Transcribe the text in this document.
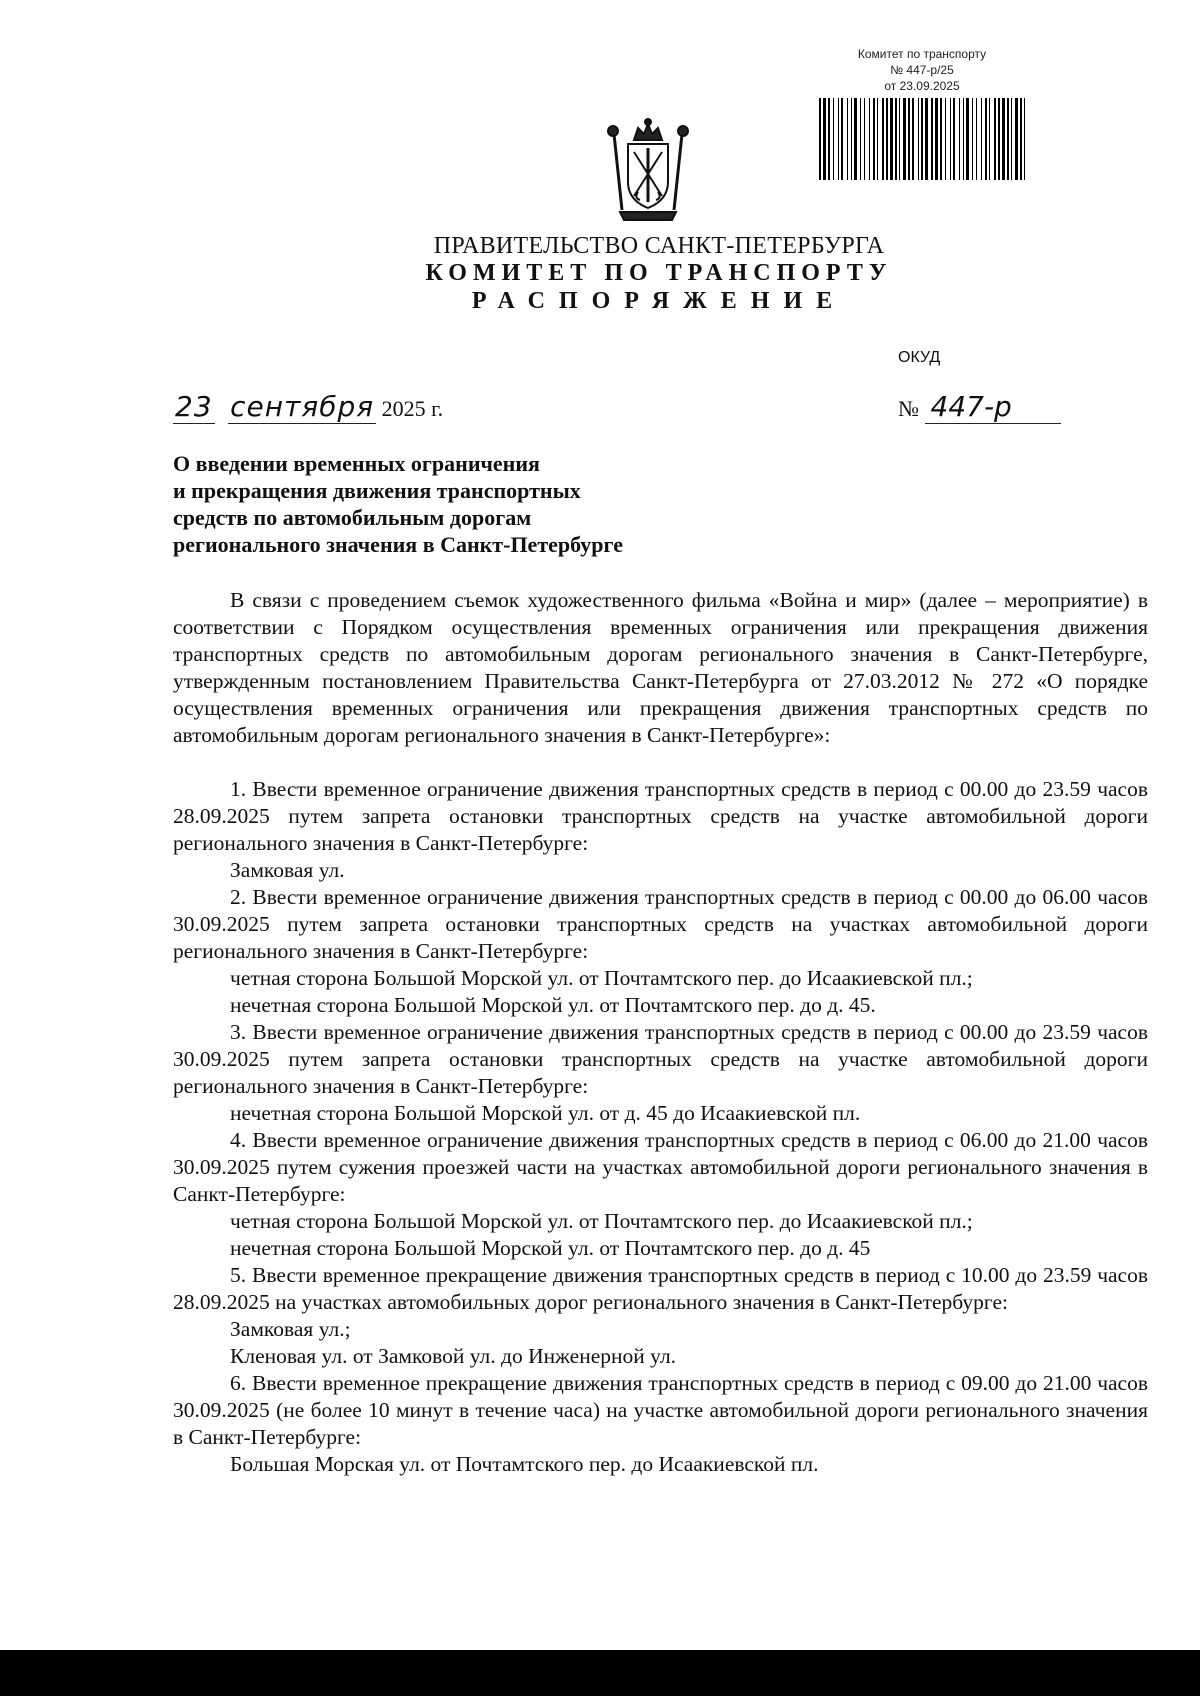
Комитет по транспорту
№ 447-р/25
от 23.09.2025
ПРАВИТЕЛЬСТВО САНКТ-ПЕТЕРБУРГА
КОМИТЕТ ПО ТРАНСПОРТУ
РАСПОРЯЖЕНИЕ
ОКУД
23 сентября 2025 г.	№ 447-р
О введении временных ограничения
и прекращения движения транспортных
средств по автомобильным дорогам
регионального значения в Санкт-Петербурге

В связи с проведением съемок художественного фильма «Война и мир» (далее – мероприятие) в соответствии с Порядком осуществления временных ограничения или прекращения движения транспортных средств по автомобильным дорогам регионального значения в Санкт-Петербурге, утвержденным постановлением Правительства Санкт-Петербурга от 27.03.2012 № 272 «О порядке осуществления временных ограничения или прекращения движения транспортных средств по автомобильным дорогам регионального значения в Санкт-Петербурге»:

1. Ввести временное ограничение движения транспортных средств в период с 00.00 до 23.59 часов 28.09.2025 путем запрета остановки транспортных средств на участке автомобильной дороги регионального значения в Санкт-Петербурге:

Замковая ул.

2. Ввести временное ограничение движения транспортных средств в период с 00.00 до 06.00 часов 30.09.2025 путем запрета остановки транспортных средств на участках автомобильной дороги регионального значения в Санкт-Петербурге:

четная сторона Большой Морской ул. от Почтамтского пер. до Исаакиевской пл.;

нечетная сторона Большой Морской ул. от Почтамтского пер. до д. 45.

3. Ввести временное ограничение движения транспортных средств в период с 00.00 до 23.59 часов 30.09.2025 путем запрета остановки транспортных средств на участке автомобильной дороги регионального значения в Санкт-Петербурге:

нечетная сторона Большой Морской ул. от д. 45 до Исаакиевской пл.

4. Ввести временное ограничение движения транспортных средств в период с 06.00 до 21.00 часов 30.09.2025 путем сужения проезжей части на участках автомобильной дороги регионального значения в Санкт-Петербурге:

четная сторона Большой Морской ул. от Почтамтского пер. до Исаакиевской пл.;

нечетная сторона Большой Морской ул. от Почтамтского пер. до д. 45

5. Ввести временное прекращение движения транспортных средств в период с 10.00 до 23.59 часов 28.09.2025 на участках автомобильных дорог регионального значения в Санкт-Петербурге:

Замковая ул.;

Кленовая ул. от Замковой ул. до Инженерной ул.

6. Ввести временное прекращение движения транспортных средств в период с 09.00 до 21.00 часов 30.09.2025 (не более 10 минут в течение часа) на участке автомобильной дороги регионального значения в Санкт-Петербурге:

Большая Морская ул. от Почтамтского пер. до Исаакиевской пл.
